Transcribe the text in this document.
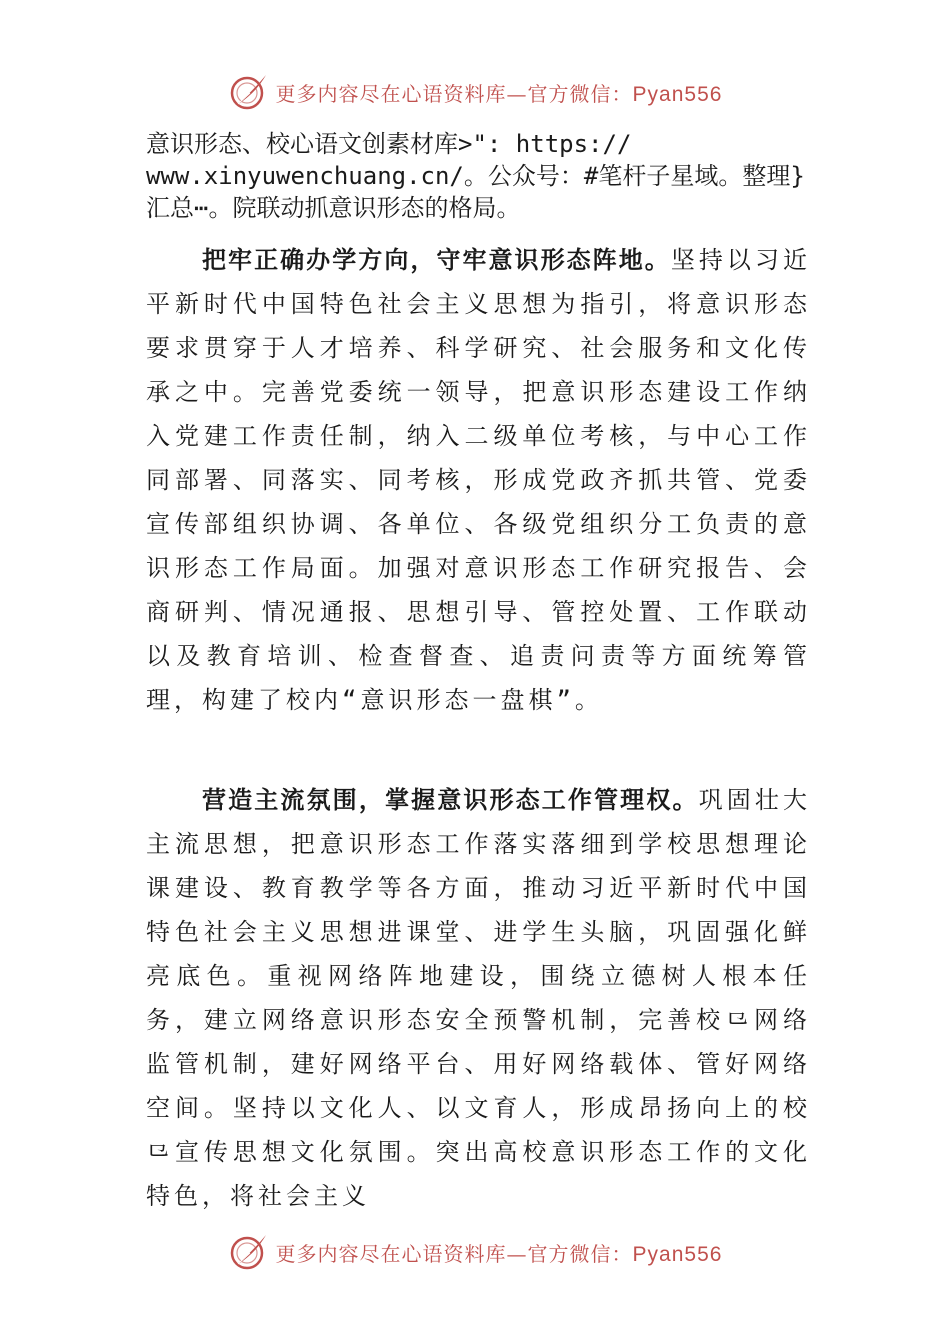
更多内容尽在心语资料库—官方微信：Pyan556

意识形态、校心语文创素材库>": https://
www.xinyuwenchuang.cn/。公众号：#笔杆子星域。整理}
汇总⋯。院联动抓意识形态的格局。

把牢正确办学方向，守牢意识形态阵地。坚持以习近平新时代中国特色社会主义思想为指引，将意识形态要求贯穿于人才培养、科学研究、社会服务和文化传承之中。完善党委统一领导，把意识形态建设工作纳入党建工作责任制，纳入二级单位考核，与中心工作同部署、同落实、同考核，形成党政齐抓共管、党委宣传部组织协调、各单位、各级党组织分工负责的意识形态工作局面。加强对意识形态工作研究报告、会商研判、情况通报、思想引导、管控处置、工作联动以及教育培训、检查督查、追责问责等方面统筹管理，构建了校内“意识形态一盘棋”。

营造主流氛围，掌握意识形态工作管理权。巩固壮大主流思想，把意识形态工作落实落细到学校思想理论课建设、教育教学等各方面，推动习近平新时代中国特色社会主义思想进课堂、进学生头脑，巩固强化鲜亮底色。重视网络阵地建设，围绕立德树人根本任务，建立网络意识形态安全预警机制，完善校⺋网络监管机制，建好网络平台、用好网络载体、管好网络空间。坚持以文化人、以文育人，形成昂扬向上的校⺋宣传思想文化氛围。突出高校意识形态工作的文化特色，将社会主义

更多内容尽在心语资料库—官方微信：Pyan556
